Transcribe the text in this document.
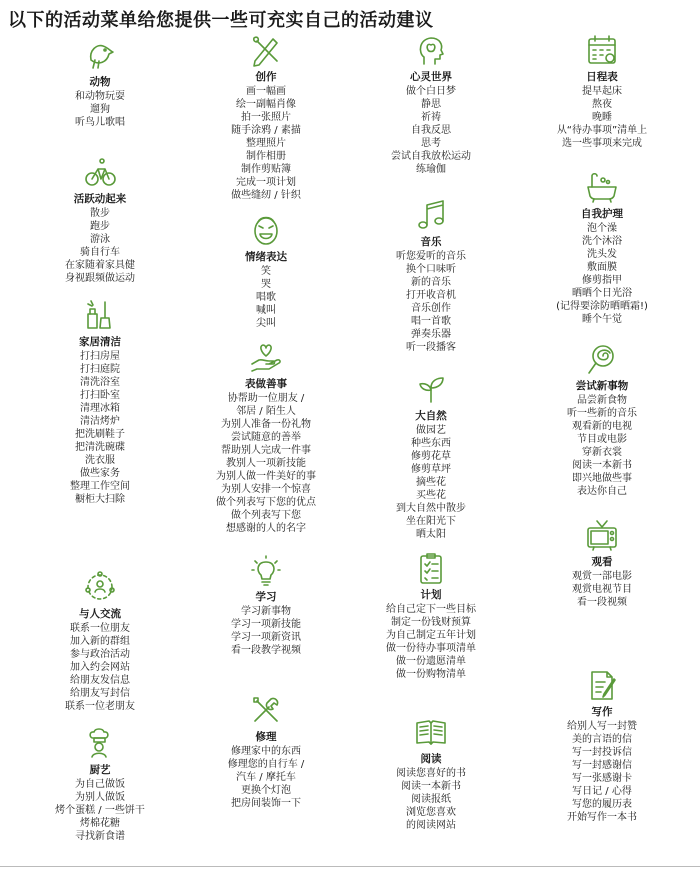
以下的活动菜单给您提供一些可充实自己的活动建议
动物
和动物玩耍
遛狗
听鸟儿歌唱
活跃动起来
散步
跑步
游泳
骑自行车
在家随着家具健
身视跟频做运动
家居清洁
打扫房屋
打扫庭院
清洗浴室
打扫卧室
清理冰箱
清洁烤炉
把洗刷鞋子
把清洗碗碟
洗衣服
做些家务
整理工作空间
橱柜大扫除
与人交流
联系一位朋友
加入新的群组
参与政治活动
加入约会网站
给朋友发信息
给朋友写封信
联系一位老朋友
厨艺
为自己做饭
为别人做饭
烤个蛋糕 / 一些饼干
烤棉花糖
寻找新食谱
创作
画一幅画
绘一副幅肖像
拍一张照片
随手涂鸦 / 素描
整理照片
制作相册
制作剪贴簿
完成一项计划
做些缝纫 / 针织
情绪表达
笑
哭
唱歌
喊叫
尖叫
表做善事
协帮助一位朋友 /
邻居 / 陌生人
为别人准备一份礼物
尝试随意的善举
帮助别人完成一件事
教别人一项新技能
为别人做一件美好的事
为别人安排一个惊喜
做个列表写下您的优点
做个列表写下您
想感谢的人的名字
学习
学习新事物
学习一项新技能
学习一项新资讯
看一段教学视频
修理
修理家中的东西
修理您的自行车 /
汽车 / 摩托车
更换个灯泡
把房间装饰一下
心灵世界
做个白日梦
静思
祈祷
自我反思
思考
尝试自我放松运动
练瑜伽
音乐
听您爱听的音乐
换个口味听
新的音乐
打开收音机
音乐创作
唱一首歌
弹奏乐器
听一段播客
大自然
做园艺
种些东西
修剪花草
修剪草坪
摘些花
买些花
到大自然中散步
坐在阳光下
晒太阳
计划
给自己定下一些目标
制定一份钱财预算
为自己制定五年计划
做一份待办事项清单
做一份遗愿清单
做一份购物清单
阅读
阅读您喜好的书
阅读一本新书
阅读报纸
浏览您喜欢
的阅读网站
日程表
提早起床
熬夜
晚睡
从“待办事项”清单上
选一些事项来完成
自我护理
泡个澡
洗个沐浴
洗头发
敷面膜
修剪指甲
晒晒个日光浴
(记得要涂防晒晒霜!)
睡个午觉
尝试新事物
品尝新食物
听一些新的音乐
观看新的电视
节目或电影
穿新衣裳
阅读一本新书
即兴地做些事
表达你自己
观看
观赏一部电影
观赏电视节目
看一段视频
写作
给别人写一封赞
美的言语的信
写一封投诉信
写一封感谢信
写一张感谢卡
写日记 / 心得
写您的履历表
开始写作一本书
